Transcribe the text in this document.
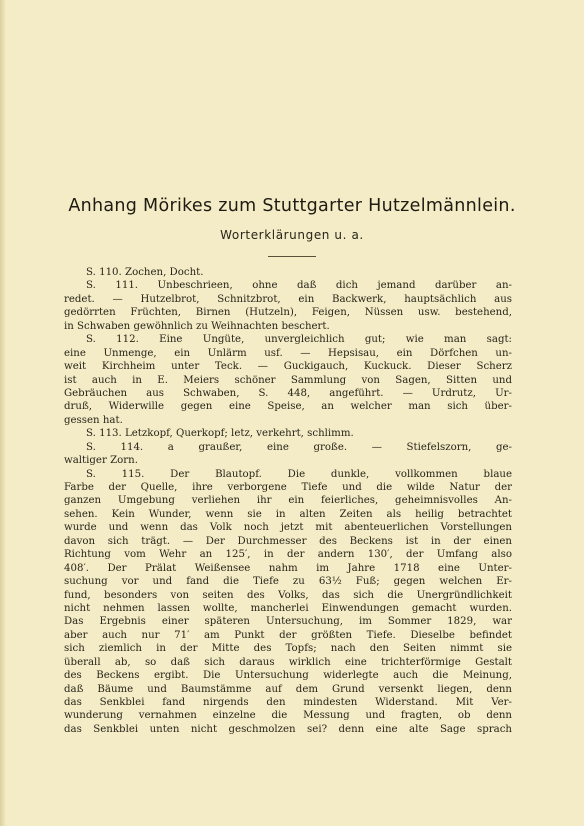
Anhang Mörikes zum Stuttgarter Hutzelmännlein.
Worterklärungen u. a.
S. 110. Zochen, Docht.
S. 111. Unbeschrieen, ohne daß dich jemand darüber an-
redet. — Hutzelbrot, Schnitzbrot, ein Backwerk, hauptsächlich aus
gedörrten Früchten, Birnen (Hutzeln), Feigen, Nüssen usw. bestehend,
in Schwaben gewöhnlich zu Weihnachten beschert.
S. 112. Eine Ungüte, unvergleichlich gut; wie man sagt:
eine Unmenge, ein Unlärm usf. — Hepsisau, ein Dörfchen un-
weit Kirchheim unter Teck. — Guckigauch, Kuckuck. Dieser Scherz
ist auch in E. Meiers schöner Sammlung von Sagen, Sitten und
Gebräuchen aus Schwaben, S. 448, angeführt. — Urdrutz, Ur-
druß, Widerwille gegen eine Speise, an welcher man sich über-
gessen hat.
S. 113. Letzkopf, Querkopf; letz, verkehrt, schlimm.
S. 114. a graußer, eine große. — Stiefelszorn, ge-
waltiger Zorn.
S. 115. Der Blautopf. Die dunkle, vollkommen blaue
Farbe der Quelle, ihre verborgene Tiefe und die wilde Natur der
ganzen Umgebung verliehen ihr ein feierliches, geheimnisvolles An-
sehen. Kein Wunder, wenn sie in alten Zeiten als heilig betrachtet
wurde und wenn das Volk noch jetzt mit abenteuerlichen Vorstellungen
davon sich trägt. — Der Durchmesser des Beckens ist in der einen
Richtung vom Wehr an 125′, in der andern 130′, der Umfang also
408′. Der Prälat Weißensee nahm im Jahre 1718 eine Unter-
suchung vor und fand die Tiefe zu 63½ Fuß; gegen welchen Er-
fund, besonders von seiten des Volks, das sich die Unergründlichkeit
nicht nehmen lassen wollte, mancherlei Einwendungen gemacht wurden.
Das Ergebnis einer späteren Untersuchung, im Sommer 1829, war
aber auch nur 71′ am Punkt der größten Tiefe. Dieselbe befindet
sich ziemlich in der Mitte des Topfs; nach den Seiten nimmt sie
überall ab, so daß sich daraus wirklich eine trichterförmige Gestalt
des Beckens ergibt. Die Untersuchung widerlegte auch die Meinung,
daß Bäume und Baumstämme auf dem Grund versenkt liegen, denn
das Senkblei fand nirgends den mindesten Widerstand. Mit Ver-
wunderung vernahmen einzelne die Messung und fragten, ob denn
das Senkblei unten nicht geschmolzen sei? denn eine alte Sage sprach
